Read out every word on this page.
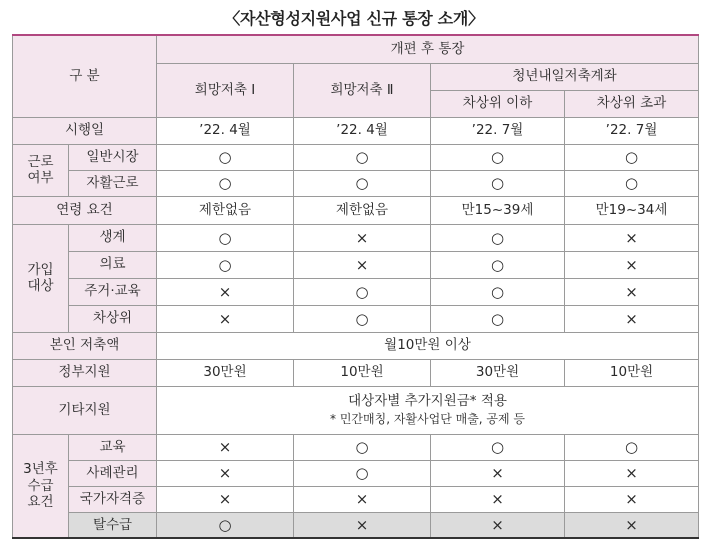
〈자산형성지원사업 신규 통장 소개〉
구 분		개편 후 통장			
		희망저축 Ⅰ	희망저축 Ⅱ	청년내일저축계좌	
				차상위 이하	차상위 초과
시행일		’22. 4월	’22. 4월	’22. 7월	’22. 7월
근로
여부	일반시장	○	○	○	○
	자활근로	○	○	○	○
연령 요건		제한없음	제한없음	만15~39세	만19~34세
가입
대상	생계	○	×	○	×
	의료	○	×	○	×
	주거·교육	×	○	○	×
	차상위	×	○	○	×
본인 저축액		월10만원 이상			
정부지원		30만원	10만원	30만원	10만원
기타지원		대상자별 추가지원금* 적용
* 민간매칭, 자활사업단 매출, 공제 등			

3년후
수급
요건	교육	×	○	○	○
	사례관리	×	○	×	×
	국가자격증	×	×	×	×
	탈수급	○	×	×	×
